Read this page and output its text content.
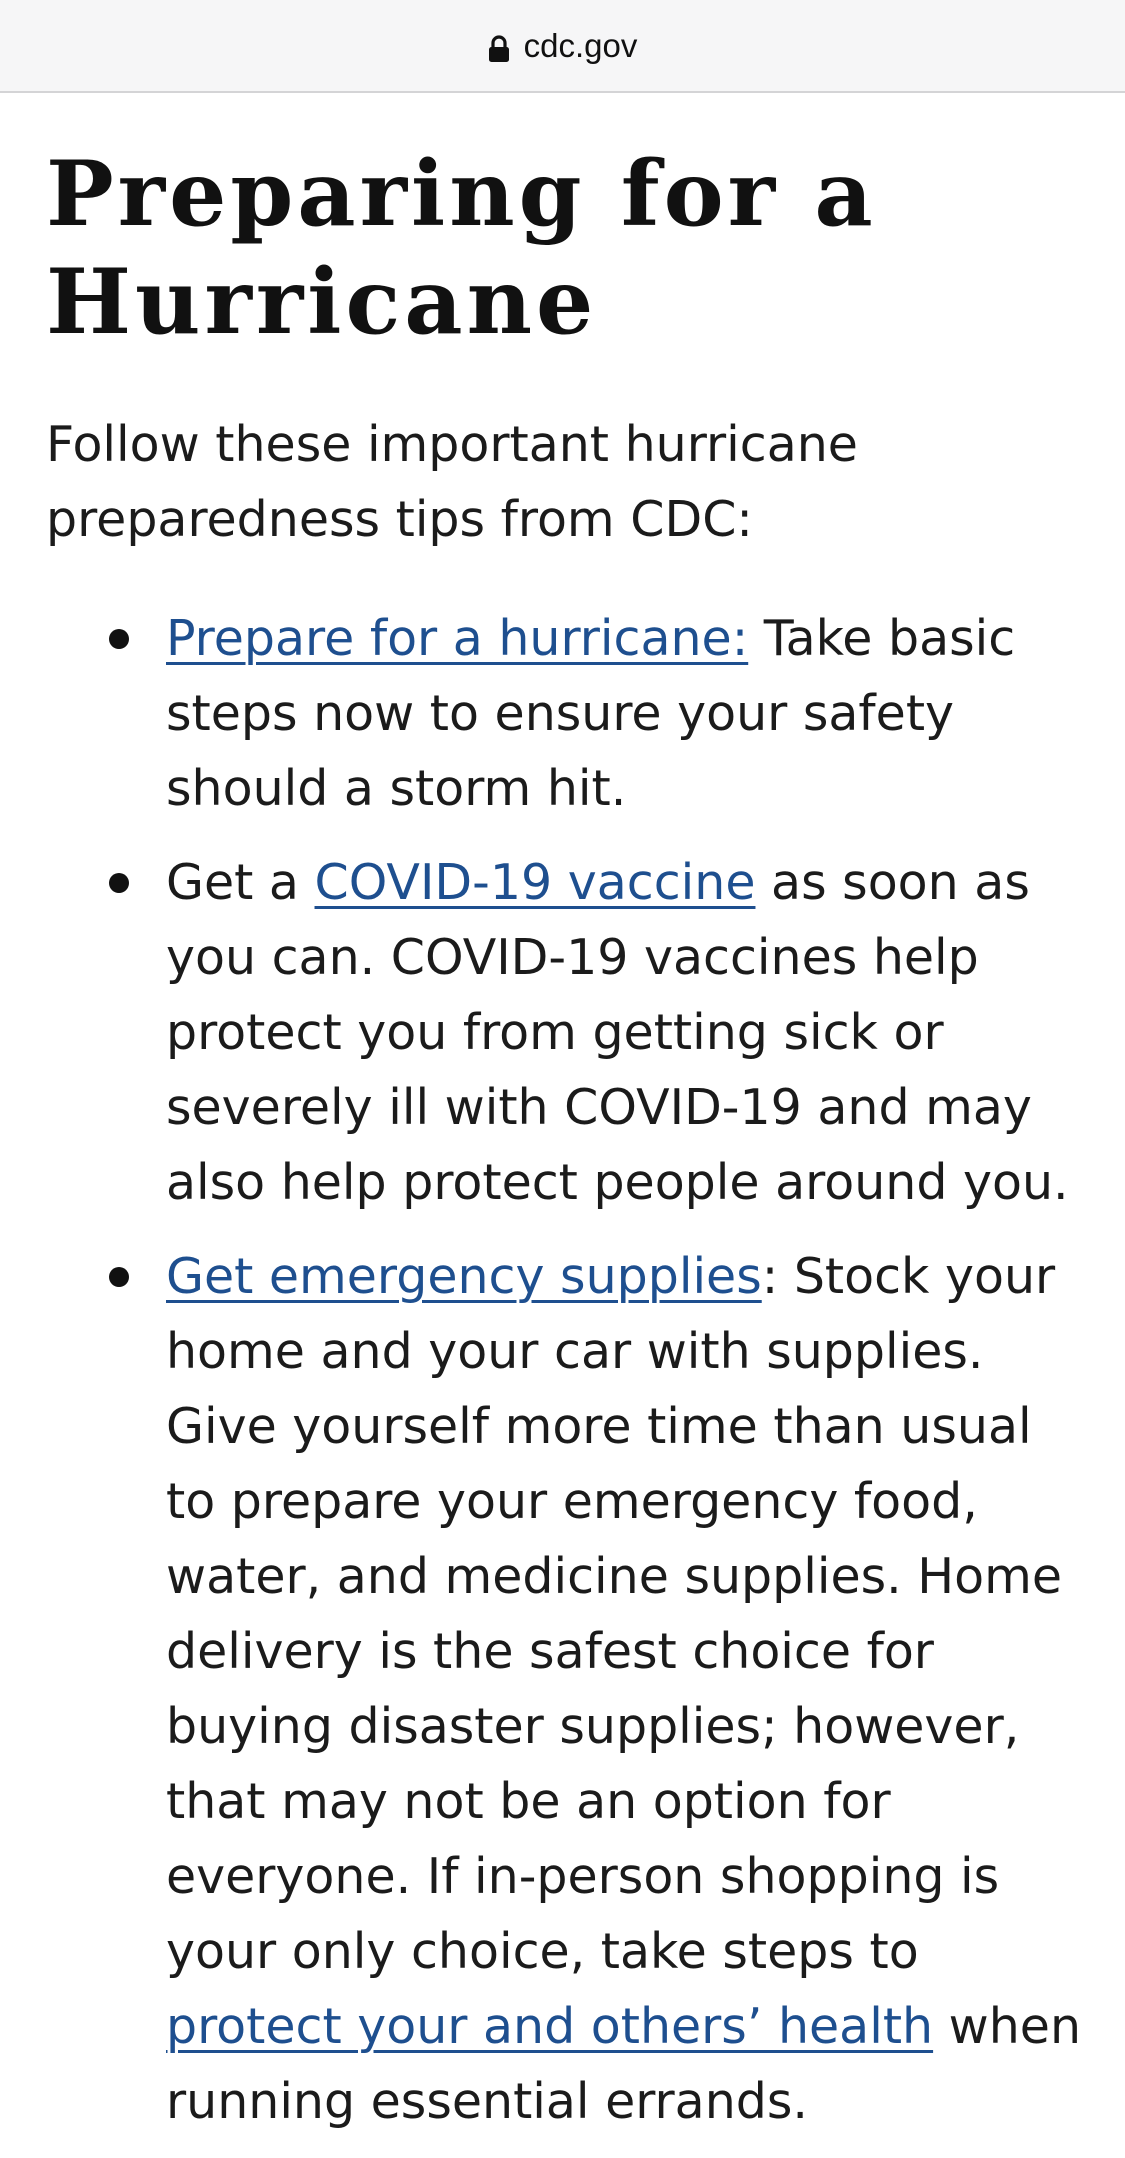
cdc.gov
Preparing for a Hurricane

Follow these important hurricane preparedness tips from CDC:

Prepare for a hurricane: Take basic steps now to ensure your safety should a storm hit.
Get a COVID-19 vaccine as soon as you can. COVID-19 vaccines help protect you from getting sick or severely ill with COVID-19 and may also help protect people around you.
Get emergency supplies: Stock your home and your car with supplies. Give yourself more time than usual to prepare your emergency food, water, and medicine supplies. Home delivery is the safest choice for buying disaster supplies; however, that may not be an option for everyone. If in-person shopping is your only choice, take steps to protect your and others’ health when running essential errands.
